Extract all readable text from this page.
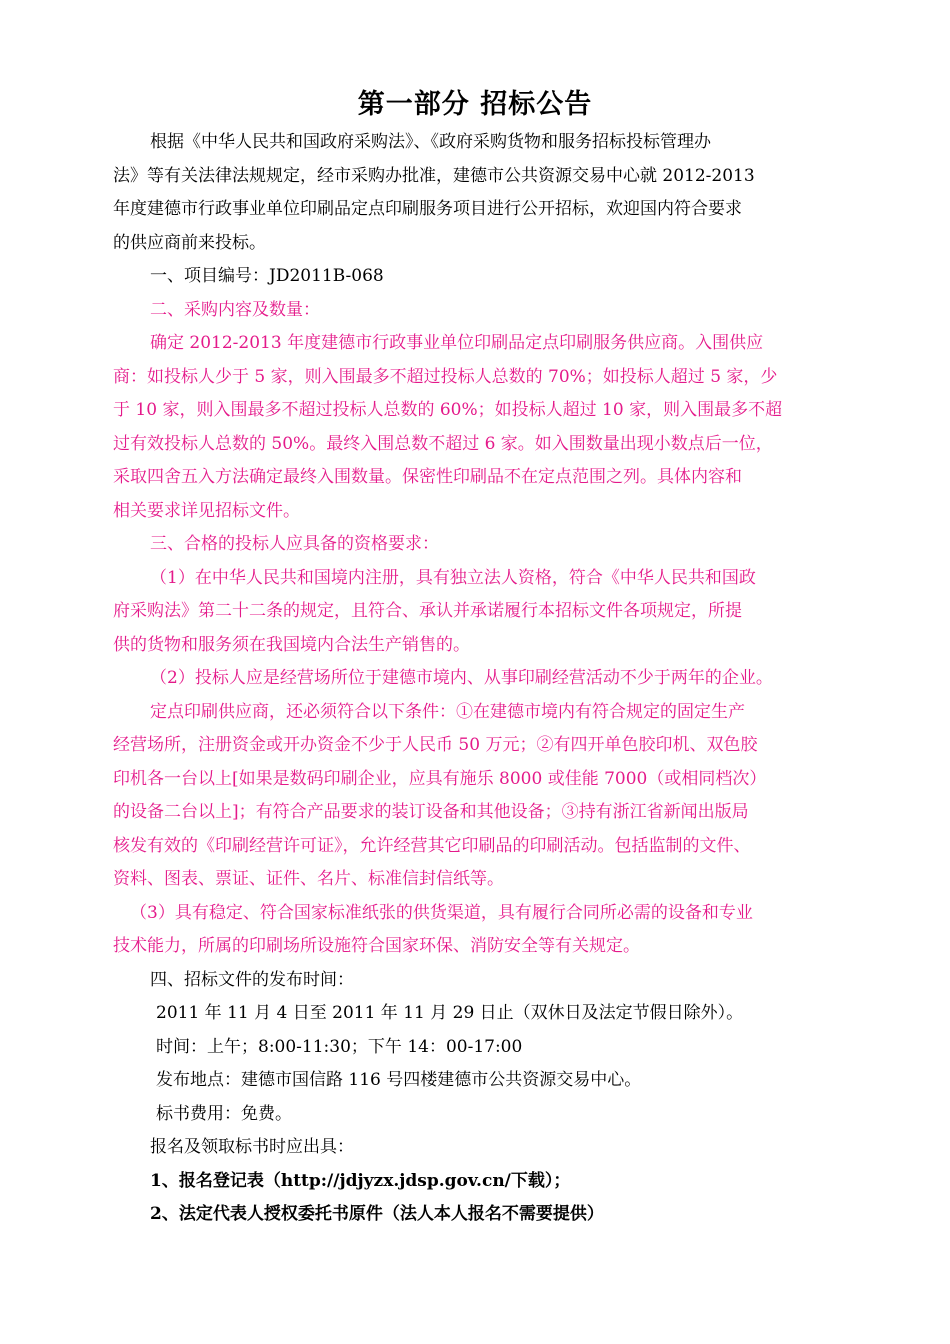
第一部分 招标公告
根据《中华人民共和国政府采购法》、《政府采购货物和服务招标投标管理办
法》等有关法律法规规定，经市采购办批准，建德市公共资源交易中心就 2012-2013
年度建德市行政事业单位印刷品定点印刷服务项目进行公开招标，欢迎国内符合要求
的供应商前来投标。
一、项目编号：JD2011B-068
二、采购内容及数量：
确定 2012-2013 年度建德市行政事业单位印刷品定点印刷服务供应商。入围供应
商：如投标人少于 5 家，则入围最多不超过投标人总数的 70%；如投标人超过 5 家，少
于 10 家，则入围最多不超过投标人总数的 60%；如投标人超过 10 家，则入围最多不超
过有效投标人总数的 50%。最终入围总数不超过 6 家。如入围数量出现小数点后一位，
采取四舍五入方法确定最终入围数量。保密性印刷品不在定点范围之列。具体内容和
相关要求详见招标文件。
三、合格的投标人应具备的资格要求：
（1）在中华人民共和国境内注册，具有独立法人资格，符合《中华人民共和国政
府采购法》第二十二条的规定，且符合、承认并承诺履行本招标文件各项规定，所提
供的货物和服务须在我国境内合法生产销售的。
（2）投标人应是经营场所位于建德市境内、从事印刷经营活动不少于两年的企业。
定点印刷供应商，还必须符合以下条件：①在建德市境内有符合规定的固定生产
经营场所，注册资金或开办资金不少于人民币 50 万元；②有四开单色胶印机、双色胶
印机各一台以上[如果是数码印刷企业，应具有施乐 8000 或佳能 7000（或相同档次）
的设备二台以上]；有符合产品要求的装订设备和其他设备；③持有浙江省新闻出版局
核发有效的《印刷经营许可证》，允许经营其它印刷品的印刷活动。包括监制的文件、
资料、图表、票证、证件、名片、标准信封信纸等。
（3）具有稳定、符合国家标准纸张的供货渠道，具有履行合同所必需的设备和专业
技术能力，所属的印刷场所设施符合国家环保、消防安全等有关规定。
四、招标文件的发布时间：
2011 年 11 月 4 日至 2011 年 11 月 29 日止（双休日及法定节假日除外）。
时间：上午；8:00-11:30；下午 14：00-17:00
发布地点：建德市国信路 116 号四楼建德市公共资源交易中心。
标书费用：免费。
报名及领取标书时应出具：
1、报名登记表（http://jdjyzx.jdsp.gov.cn/下载）；
2、法定代表人授权委托书原件（法人本人报名不需要提供）
